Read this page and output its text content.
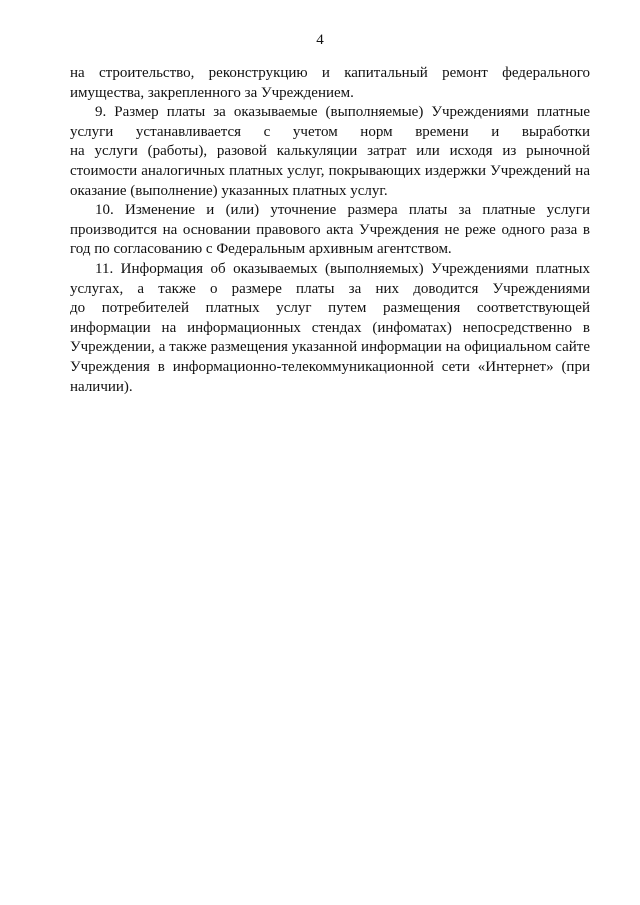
4

на строительство, реконструкцию и капитальный ремонт федерального
имущества, закрепленного за Учреждением.

9. Размер платы за оказываемые (выполняемые) Учреждениями платные
услуги устанавливается с учетом норм времени и выработки
на услуги (работы), разовой калькуляции затрат или исходя из рыночной
стоимости аналогичных платных услуг, покрывающих издержки Учреждений на
оказание (выполнение) указанных платных услуг.

10. Изменение и (или) уточнение размера платы за платные услуги
производится на основании правового акта Учреждения не реже одного раза в
год по согласованию с Федеральным архивным агентством.

11. Информация об оказываемых (выполняемых) Учреждениями платных
услугах, а также о размере платы за них доводится Учреждениями
до потребителей платных услуг путем размещения соответствующей
информации на информационных стендах (инфоматах) непосредственно в
Учреждении, а также размещения указанной информации на официальном сайте
Учреждения в информационно-телекоммуникационной сети «Интернет» (при
наличии).
